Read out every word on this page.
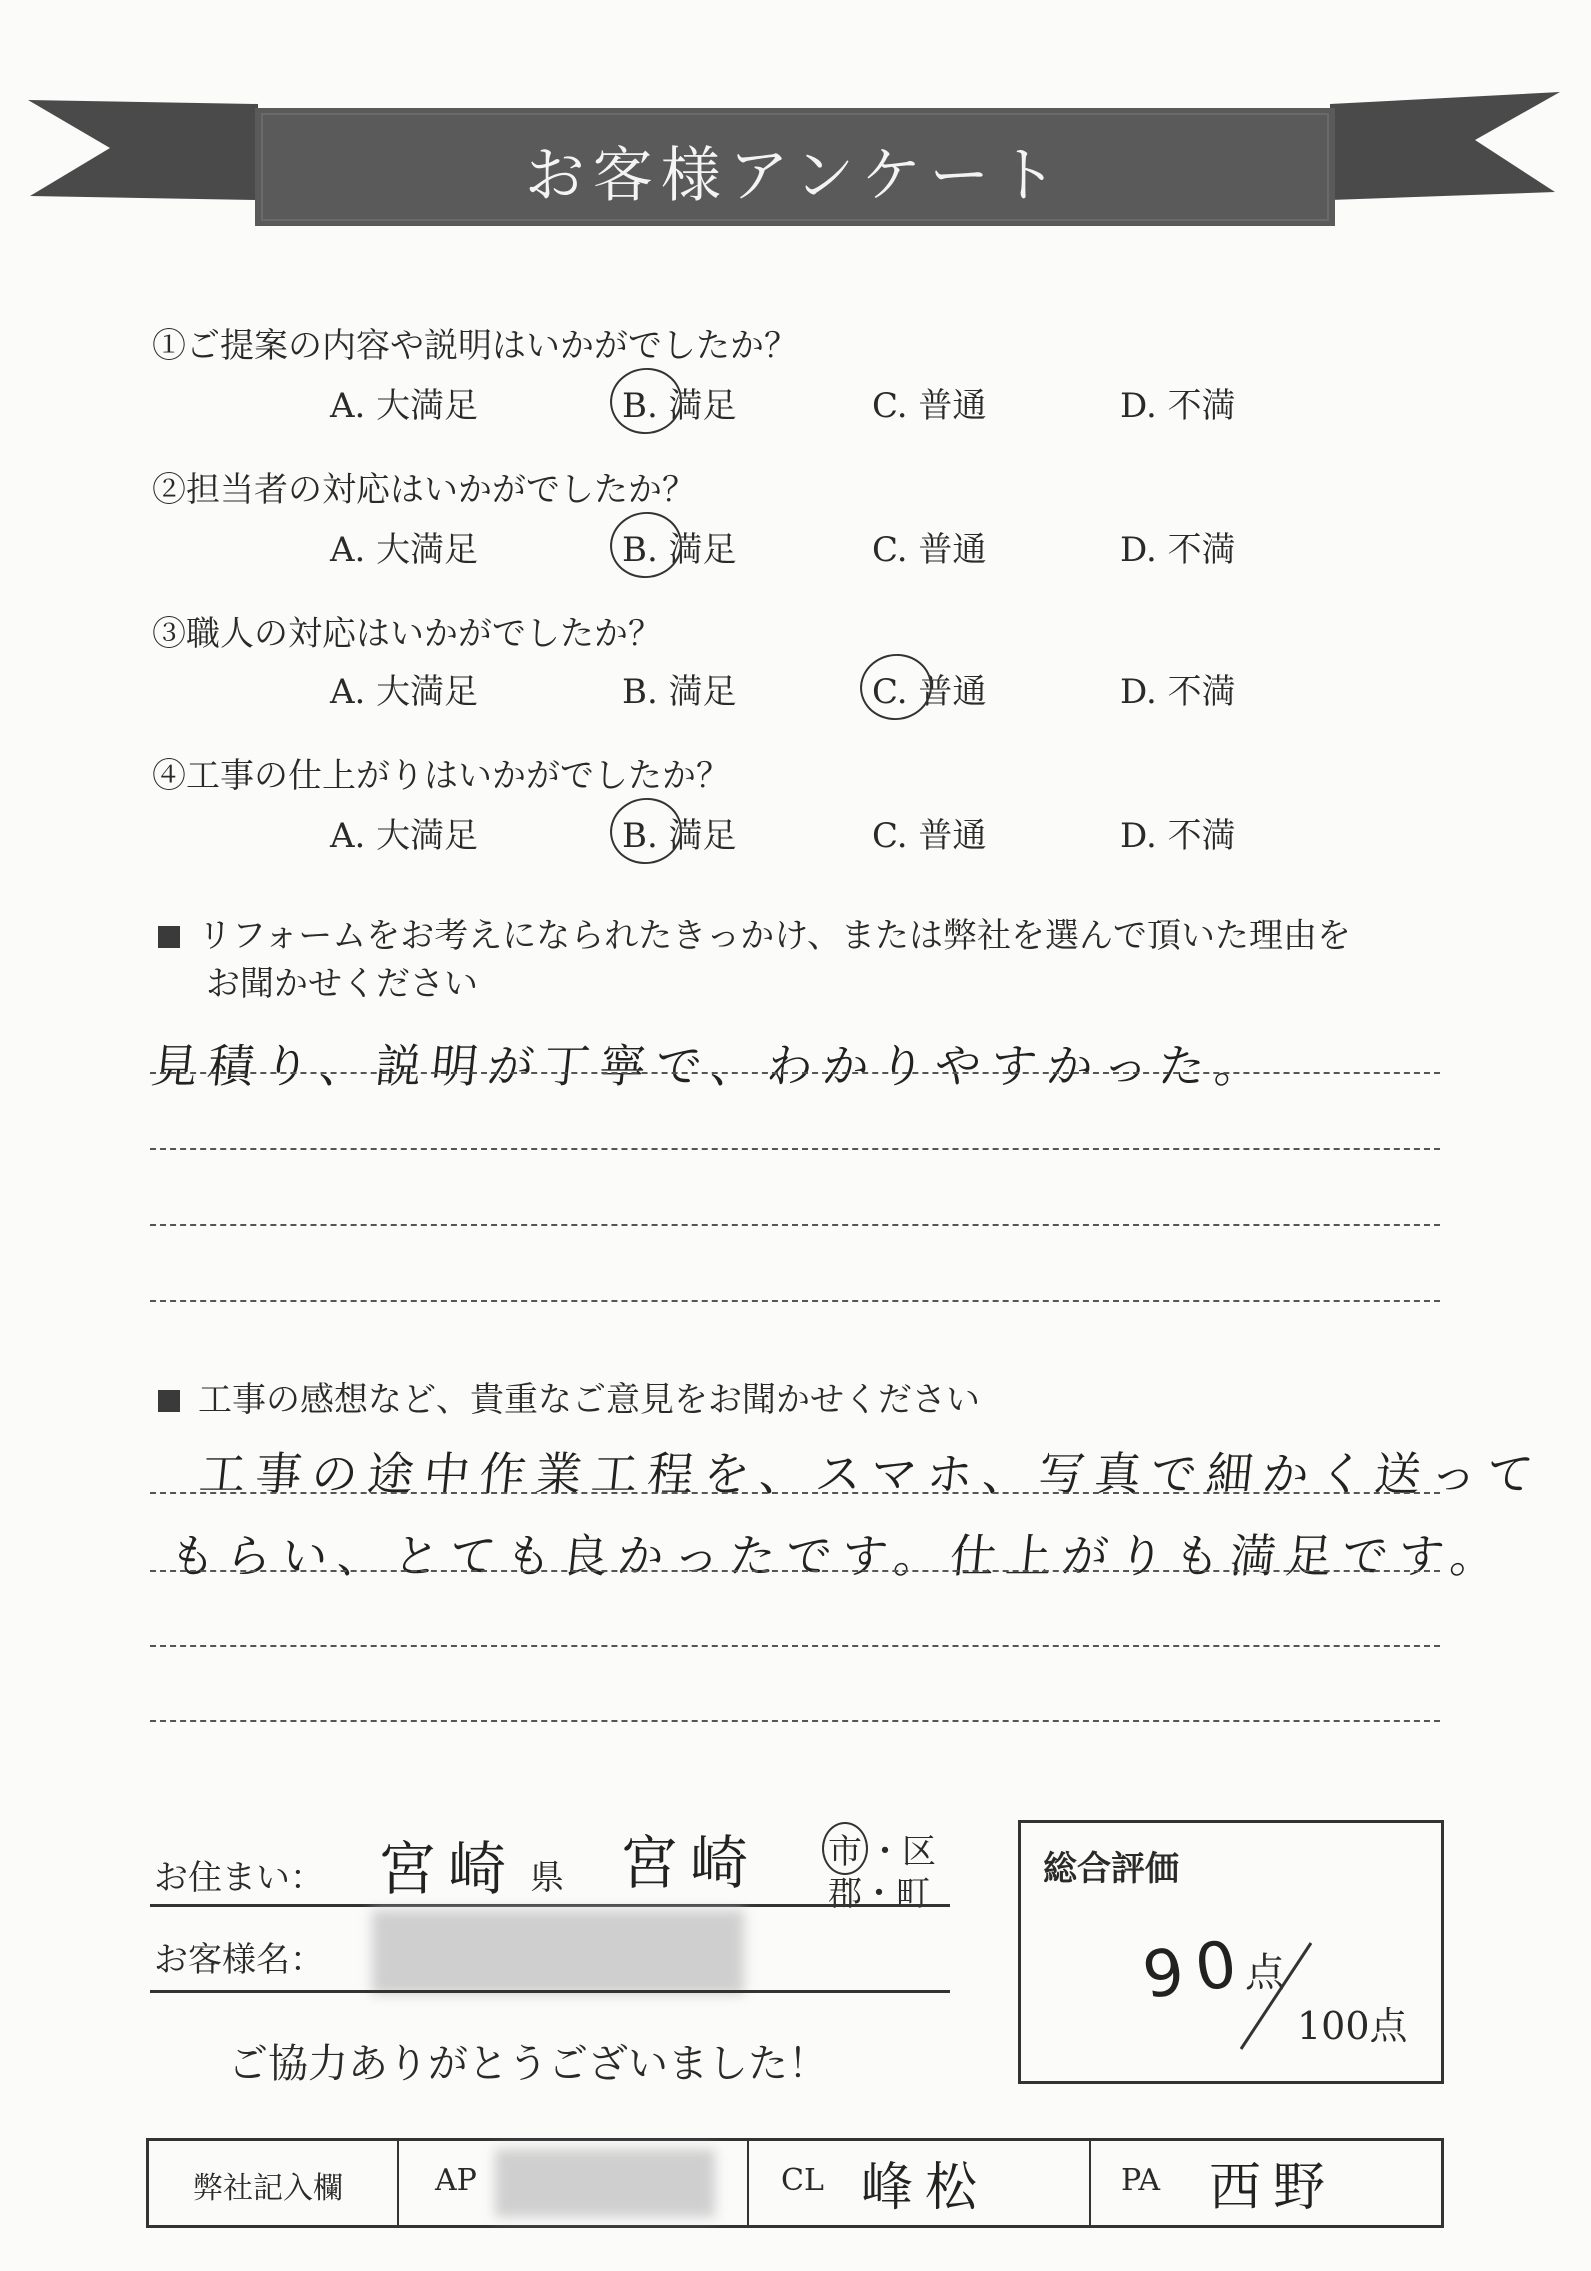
お客様アンケート
①ご提案の内容や説明はいかがでしたか？
A. 大満足	B. 満足	C. 普通	D. 不満
②担当者の対応はいかがでしたか？
A. 大満足	B. 満足	C. 普通	D. 不満
③職人の対応はいかがでしたか？
A. 大満足	B. 満足	C. 普通	D. 不満
④工事の仕上がりはいかがでしたか？
A. 大満足	B. 満足	C. 普通	D. 不満
リフォームをお考えになられたきっかけ、または弊社を選んで頂いた理由を
お聞かせください
見積り、説明が丁寧で、わかりやすかった。
工事の感想など、貴重なご意見をお聞かせください
工事の途中作業工程を、スマホ、写真で細かく送って
もらい、とても良かったです。仕上がりも満足です。
お住まい： 宮崎 県 宮崎 市 ・区
郡・町
お客様名：
ご協力ありがとうございました！
総合評価
90
点
100点
弊社記入欄	AP	CL 峰松	PA 西野
